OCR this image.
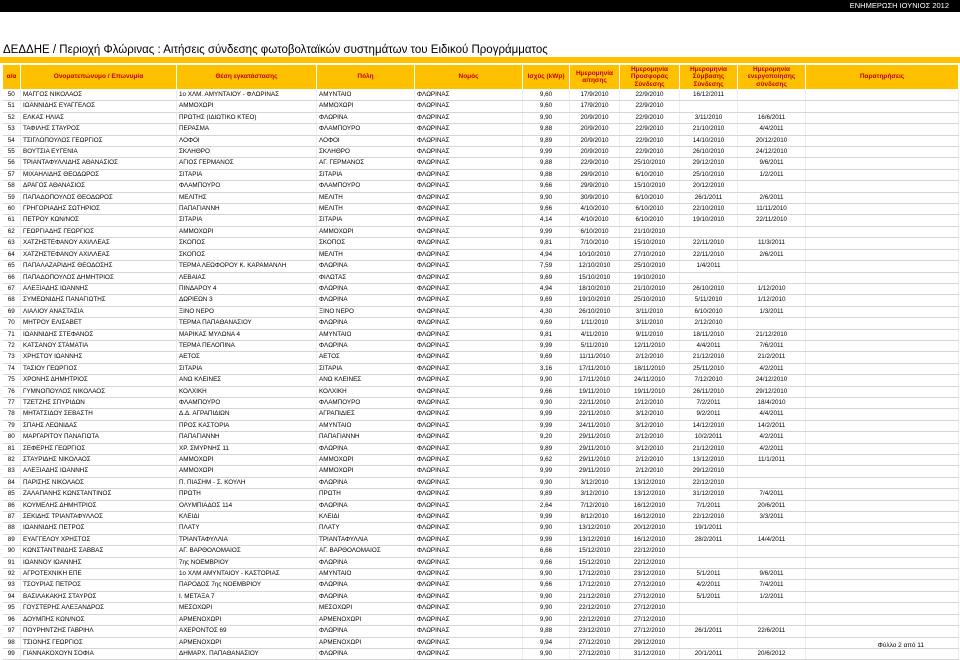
ΕΝΗΜΕΡΩΣΗ ΙΟΥΝΙΟΣ 2012
ΔΕΔΔΗΕ / Περιοχή Φλώρινας : Αιτήσεις σύνδεσης φωτοβολταϊκών συστημάτων του Ειδικού Προγράμματος
α/α	Ονοματεπώνυμο / Επωνυμία	Θέση εγκατάστασης	Πόλη	Νομός	Ισχύς (kWp)	Ημερομηνία αίτησης	Ημερομηνία Προσφοράς Σύνδεσης	Ημερομηνία Σύμβασης Σύνδεσης	Ημερομηνία ενεργοποίησης σύνδεσης	Παρατηρήσεις
50	ΜΑΓΓΟΣ ΝΙΚΟΛΑΟΣ	1ο ΧΛΜ. ΑΜΥΝΤΑΙΟΥ - ΦΛΩΡΙΝΑΣ	ΑΜΥΝΤΑΙΟ	ΦΛΩΡΙΝΑΣ	9,60	17/9/2010	22/9/2010	16/12/2011		
51	ΙΩΑΝΝΙΔΗΣ ΕΥΑΓΓΕΛΟΣ	ΑΜΜΟΧΩΡΙ	ΑΜΜΟΧΩΡΙ	ΦΛΩΡΙΝΑΣ	9,60	17/9/2010	22/9/2010			
52	ΕΛΚΑΣ ΗΛΙΑΣ	ΠΡΩΤΗΣ (ΙΔΙΩΤΙΚΟ ΚΤΕΟ)	ΦΛΩΡΙΝΑ	ΦΛΩΡΙΝΑΣ	9,90	20/9/2010	22/9/2010	3/11/2010	16/6/2011	
53	ΤΑΦΙΛΗΣ ΣΤΑΥΡΟΣ	ΠΕΡΑΣΜΑ	ΦΛΑΜΠΟΥΡΟ	ΦΛΩΡΙΝΑΣ	9,88	20/9/2010	22/9/2010	21/10/2010	4/4/2011	
54	ΤΣΙΓΛΟΠΟΥΛΟΣ ΓΕΩΡΓΙΟΣ	ΛΟΦΟΙ	ΛΟΦΟΙ	ΦΛΩΡΙΝΑΣ	9,89	20/9/2010	22/9/2010	14/10/2010	20/12/2010	
55	ΒΟΥΤΣΙΑ ΕΥΓΕΝΙΑ	ΣΚΛΗΘΡΟ	ΣΚΛΗΘΡΟ	ΦΛΩΡΙΝΑΣ	9,99	20/9/2010	22/9/2010	26/10/2010	24/12/2010	
56	ΤΡΙΑΝΤΑΦΥΛΛΙΔΗΣ ΑΘΑΝΑΣΙΟΣ	ΑΓΙΟΣ ΓΕΡΜΑΝΟΣ	ΑΓ. ΓΕΡΜΑΝΟΣ	ΦΛΩΡΙΝΑΣ	9,88	22/9/2010	25/10/2010	29/12/2010	9/6/2011	
57	ΜΙΧΑΗΛΙΔΗΣ ΘΕΟΔΩΡΟΣ	ΣΙΤΑΡΙΑ	ΣΙΤΑΡΙΑ	ΦΛΩΡΙΝΑΣ	9,88	29/9/2010	6/10/2010	25/10/2010	1/2/2011	
58	ΔΡΑΓΟΣ ΑΘΑΝΑΣΙΟΣ	ΦΛΑΜΠΟΥΡΟ	ΦΛΑΜΠΟΥΡΟ	ΦΛΩΡΙΝΑΣ	9,66	29/9/2010	15/10/2010	20/12/2010		
59	ΠΑΠΑΔΟΠΟΥΛΟΣ ΘΕΟΔΩΡΟΣ	ΜΕΛΙΤΗΣ	ΜΕΛΙΤΗ	ΦΛΩΡΙΝΑΣ	9,90	30/9/2010	6/10/2010	26/1/2011	2/6/2011	
60	ΓΡΗΓΟΡΙΑΔΗΣ ΣΩΤΗΡΙΟΣ	ΠΑΠΑΓΙΑΝΝΗ	ΜΕΛΙΤΗ	ΦΛΩΡΙΝΑΣ	9,66	4/10/2010	6/10/2010	22/10/2010	11/11/2010	
61	ΠΕΤΡΟΥ ΚΩΝ/ΝΟΣ	ΣΙΤΑΡΙΑ	ΣΙΤΑΡΙΑ	ΦΛΩΡΙΝΑΣ	4,14	4/10/2010	6/10/2010	19/10/2010	22/11/2010	
62	ΓΕΩΡΓΙΑΔΗΣ ΓΕΩΡΓΙΟΣ	ΑΜΜΟΧΩΡΙ	ΑΜΜΟΧΩΡΙ	ΦΛΩΡΙΝΑΣ	9,99	6/10/2010	21/10/2010			
63	ΧΑΤΖΗΣΤΕΦΑΝΟΥ ΑΧΙΛΛΕΑΣ	ΣΚΟΠΟΣ	ΣΚΟΠΟΣ	ΦΛΩΡΙΝΑΣ	9,81	7/10/2010	15/10/2010	22/11/2010	11/3/2011	
64	ΧΑΤΖΗΣΤΕΦΑΝΟΥ ΑΧΙΛΛΕΑΣ	ΣΚΟΠΟΣ	ΜΕΛΙΤΗ	ΦΛΩΡΙΝΑΣ	4,94	10/10/2010	27/10/2010	22/11/2010	2/6/2011	
65	ΠΑΠΑΛΑΖΑΡΙΔΗΣ ΘΕΟΔΟΣΗΣ	ΤΕΡΜΑ ΛΕΩΦΟΡΟΥ Κ. ΚΑΡΑΜΑΝΛΗ	ΦΛΩΡΙΝΑ	ΦΛΩΡΙΝΑΣ	7,59	12/10/2010	25/10/2010	1/4/2011		
66	ΠΑΠΑΔΟΠΟΥΛΟΣ ΔΗΜΗΤΡΙΟΣ	ΛΕΒΑΙΑΣ	ΦΙΛΩΤΑΣ	ΦΛΩΡΙΝΑΣ	9,69	15/10/2010	19/10/2010			
67	ΑΛΕΞΙΑΔΗΣ ΙΩΑΝΝΗΣ	ΠΙΝΔΑΡΟΥ 4	ΦΛΩΡΙΝΑ	ΦΛΩΡΙΝΑΣ	4,94	18/10/2010	21/10/2010	26/10/2010	1/12/2010	
68	ΣΥΜΕΩΝΙΔΗΣ ΠΑΝΑΓΙΩΤΗΣ	ΔΩΡΙΕΩΝ 3	ΦΛΩΡΙΝΑ	ΦΛΩΡΙΝΑΣ	9,69	19/10/2010	25/10/2010	5/11/2010	1/12/2010	
69	ΛΙΑΛΙΟΥ ΑΝΑΣΤΑΣΙΑ	ΞΙΝΟ ΝΕΡΟ	ΞΙΝΟ ΝΕΡΟ	ΦΛΩΡΙΝΑΣ	4,30	26/10/2010	3/11/2010	6/10/2010	1/3/2011	
70	ΜΗΤΡΟΥ ΕΛΙΣΑΒΕΤ	ΤΕΡΜΑ ΠΑΠΑΘΑΝΑΣΙΟΥ	ΦΛΩΡΙΝΑ	ΦΛΩΡΙΝΑΣ	9,69	1/11/2010	3/11/2010	2/12/2010		
71	ΙΩΑΝΝΙΔΗΣ ΣΤΕΦΑΝΟΣ	ΜΑΡΙΚΑΣ ΜΥΛΩΝΑ 4	ΑΜΥΝΤΑΙΟ	ΦΛΩΡΙΝΑΣ	9,81	4/11/2010	9/11/2010	18/11/2010	21/12/2010	
72	ΚΑΤΣΑΝΟΥ ΣΤΑΜΑΤΙΑ	ΤΕΡΜΑ ΠΕΛΟΠΙΝΑ	ΦΛΩΡΙΝΑ	ΦΛΩΡΙΝΑΣ	9,99	5/11/2010	12/11/2010	4/4/2011	7/6/2011	
73	ΧΡΗΣΤΟΥ ΙΩΑΝΝΗΣ	ΑΕΤΟΣ	ΑΕΤΟΣ	ΦΛΩΡΙΝΑΣ	9,69	11/11/2010	2/12/2010	21/12/2010	21/2/2011	
74	ΤΑΣΙΟΥ ΓΕΩΡΓΙΟΣ	ΣΙΤΑΡΙΑ	ΣΙΤΑΡΙΑ	ΦΛΩΡΙΝΑΣ	3,16	17/11/2010	18/11/2010	25/11/2010	4/2/2011	
75	ΧΡΟΝΗΣ ΔΗΜΗΤΡΙΟΣ	ΑΝΩ ΚΛΕΙΝΕΣ	ΑΝΩ ΚΛΕΙΝΕΣ	ΦΛΩΡΙΝΑΣ	9,90	17/11/2010	24/11/2010	7/12/2010	24/12/2010	
76	ΓΥΜΝΟΠΟΥΛΟΣ ΝΙΚΟΛΑΟΣ	ΚΟΛΧΙΚΗ	ΚΟΛΧΙΚΗ	ΦΛΩΡΙΝΑΣ	9,66	19/11/2010	19/11/2010	26/11/2010	29/12/2010	
77	ΤΖΕΤΖΗΣ ΣΠΥΡΙΔΩΝ	ΦΛΑΜΠΟΥΡΟ	ΦΛΑΜΠΟΥΡΟ	ΦΛΩΡΙΝΑΣ	9,90	22/11/2010	2/12/2010	7/2/2011	18/4/2010	
78	ΜΗΤΑΤΣΙΔΟΥ ΣΕΒΑΣΤΗ	Δ.Δ. ΑΓΡΑΠΙΔΙΩΝ	ΑΓΡΑΠΙΔΙΕΣ	ΦΛΩΡΙΝΑΣ	9,99	22/11/2010	3/12/2010	9/2/2011	4/4/2011	
79	ΣΠΑΗΣ ΛΕΩΝΙΔΑΣ	ΠΡΟΣ ΚΑΣΤΟΡΙΑ	ΑΜΥΝΤΑΙΟ	ΦΛΩΡΙΝΑΣ	9,99	24/11/2010	3/12/2010	14/12/2010	14/2/2011	
80	ΜΑΡΓΑΡΙΤΟΥ ΠΑΝΑΓΙΩΤΑ	ΠΑΠΑΓΙΑΝΝΗ	ΠΑΠΑΓΙΑΝΝΗ	ΦΛΩΡΙΝΑΣ	9,20	29/11/2010	2/12/2010	10/2/2011	4/2/2011	
81	ΣΕΦΕΡΗΣ ΓΕΩΡΓΙΟΣ	ΧΡ. ΣΜΥΡΝΗΣ 11	ΦΛΩΡΙΝΑ	ΦΛΩΡΙΝΑΣ	9,89	29/11/2010	3/12/2010	21/12/2010	4/2/2011	
82	ΣΤΑΥΡΙΔΗΣ ΝΙΚΟΛΑΟΣ	ΑΜΜΟΧΩΡΙ	ΑΜΜΟΧΩΡΙ	ΦΛΩΡΙΝΑΣ	9,62	29/11/2010	2/12/2010	13/12/2010	11/1/2011	
83	ΑΛΕΞΙΑΔΗΣ ΙΩΑΝΝΗΣ	ΑΜΜΟΧΩΡΙ	ΑΜΜΟΧΩΡΙ	ΦΛΩΡΙΝΑΣ	9,99	29/11/2010	2/12/2010	29/12/2010		
84	ΠΑΡΙΣΗΣ ΝΙΚΟΛΑΟΣ	Π. ΠΙΑΣΗΜ - Σ. ΚΟΥΛΗ	ΦΛΩΡΙΝΑ	ΦΛΩΡΙΝΑΣ	9,90	3/12/2010	13/12/2010	22/12/2010		
85	ΖΑΛΑΠΑΝΗΣ ΚΩΝΣΤΑΝΤΙΝΟΣ	ΠΡΩΤΗ	ΠΡΩΤΗ	ΦΛΩΡΙΝΑΣ	9,89	3/12/2010	13/12/2010	31/12/2010	7/4/2011	
86	ΚΟΥΜΕΛΗΣ ΔΗΜΗΤΡΙΟΣ	ΟΛΥΜΠΙΑΔΟΣ 114	ΦΛΩΡΙΝΑ	ΦΛΩΡΙΝΑΣ	2,64	7/12/2010	16/12/2010	7/1/2011	20/6/2011	
87	ΣΕΚΙΔΗΣ ΤΡΙΑΝΤΑΦΥΛΛΟΣ	ΚΛΕΙΔΙ	ΚΛΕΙΔΙ	ΦΛΩΡΙΝΑΣ	9,99	8/12/2010	16/12/2010	22/12/2010	3/3/2011	
88	ΙΩΑΝΝΙΔΗΣ ΠΕΤΡΟΣ	ΠΛΑΤΥ	ΠΛΑΤΥ	ΦΛΩΡΙΝΑΣ	9,90	13/12/2010	20/12/2010	19/1/2011		
89	ΕΥΑΓΓΕΛΟΥ ΧΡΗΣΤΟΣ	ΤΡΙΑΝΤΑΦΥΛΛΙΑ	ΤΡΙΑΝΤΑΦΥΛΛΙΑ	ΦΛΩΡΙΝΑΣ	9,99	13/12/2010	16/12/2010	28/2/2011	14/4/2011	
90	ΚΩΝΣΤΑΝΤΙΝΙΔΗΣ ΣΑΒΒΑΣ	ΑΓ. ΒΑΡΘΟΛΟΜΑΙΟΣ	ΑΓ. ΒΑΡΘΟΛΟΜΑΙΟΣ	ΦΛΩΡΙΝΑΣ	6,66	15/12/2010	22/12/2010			
91	ΙΩΑΝΝΟΥ ΙΩΑΝΝΗΣ	7ης ΝΟΕΜΒΡΙΟΥ	ΦΛΩΡΙΝΑ	ΦΛΩΡΙΝΑΣ	9,66	15/12/2010	22/12/2010			
92	ΑΓΡΟΤΕΧΝΙΚΗ ΕΠΕ	1ο ΧΛΜ ΑΜΥΝΤΑΙΟΥ - ΚΑΣΤΟΡΙΑΣ	ΑΜΥΝΤΑΙΟ	ΦΛΩΡΙΝΑΣ	9,90	17/12/2010	23/12/2010	5/1/2011	9/6/2011	
93	ΤΣΟΥΡΙΑΣ ΠΕΤΡΟΣ	ΠΑΡΟΔΟΣ 7ης ΝΟΕΜΒΡΙΟΥ	ΦΛΩΡΙΝΑ	ΦΛΩΡΙΝΑΣ	9,66	17/12/2010	27/12/2010	4/2/2011	7/4/2011	
94	ΒΑΣΙΛΑΚΑΚΗΣ ΣΤΑΥΡΟΣ	Ι. ΜΕΤΑΞΑ 7	ΦΛΩΡΙΝΑ	ΦΛΩΡΙΝΑΣ	9,90	21/12/2010	27/12/2010	5/1/2011	1/2/2011	
95	ΓΟΥΣΤΕΡΗΣ ΑΛΕΞΑΝΔΡΟΣ	ΜΕΣΟΧΩΡΙ	ΜΕΣΟΧΩΡΙ	ΦΛΩΡΙΝΑΣ	9,90	22/12/2010	27/12/2010			
96	ΔΟΥΜΠΗΣ ΚΩΝ/ΝΟΣ	ΑΡΜΕΝΟΧΩΡΙ	ΑΡΜΕΝΟΧΩΡΙ	ΦΛΩΡΙΝΑΣ	9,90	22/12/2010	27/12/2010			
97	ΠΟΥΡΗΝΤΖΗΣ ΓΑΒΡΙΗΛ	ΑΧΕΡΟΝΤΟΣ 69	ΦΛΩΡΙΝΑ	ΦΛΩΡΙΝΑΣ	9,88	23/12/2010	27/12/2010	26/1/2011	22/6/2011	
98	ΤΣΙΟΝΗΣ ΓΕΩΡΓΙΟΣ	ΑΡΜΕΝΟΧΩΡΙ	ΑΡΜΕΝΟΧΩΡΙ	ΦΛΩΡΙΝΑΣ	9,94	27/12/2010	29/12/2010			
99	ΓΙΑΝΝΑΚΟΧΟΥΝ ΣΟΦΙΑ	ΔΗΜΑΡΧ. ΠΑΠΑΘΑΝΑΣΙΟΥ	ΦΛΩΡΙΝΑ	ΦΛΩΡΙΝΑΣ	9,90	27/12/2010	31/12/2010	20/1/2011	20/6/2012	
Φύλλο 2 από 11
